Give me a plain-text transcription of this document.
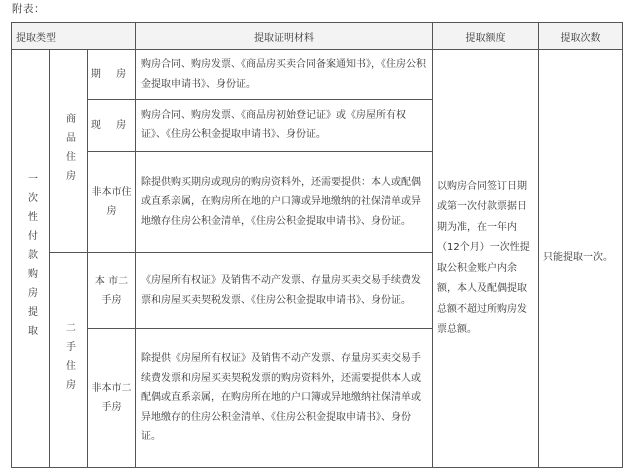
附表：
提取类型			提取证明材料	提取额度	提取次数

一次性付款购房提取	商品住房	期 房	购房合同、购房发票、《商品房买卖合同备案通知书》，《住房公积金提取申请书》、身份证。	以购房合同签订日期或第一次付款票据日期为准，在一年内（12个月）一次性提取公积金账户内余额，本人及配偶提取总额不超过所购房发票总额。	只能提取一次。
		现 房	购房合同、购房发票、《商品房初始登记证》或《房屋所有权证》、《住房公积金提取申请书》、身份证。		
		非本市住 房	除提供购买期房或现房的购房资料外，还需要提供：本人或配偶或直系亲属，在购房所在地的户口簿或异地缴纳的社保清单或异地缴存住房公积金清单，《住房公积金提取申请书》、身份证。		

	二手住房	本 市二手房	《房屋所有权证》及销售不动产发票、存量房买卖交易手续费发票和房屋买卖契税发票、《住房公积金提取申请书》、身份证。		
		非本市二手房	除提供《房屋所有权证》及销售不动产发票、存量房买卖交易手续费发票和房屋买卖契税发票的购房资料外，还需要提供本人或配偶或直系亲属，在购房所在地的户口簿或异地缴纳社保清单或异地缴存的住房公积金清单、《住房公积金提取申请书》、身份证。		
